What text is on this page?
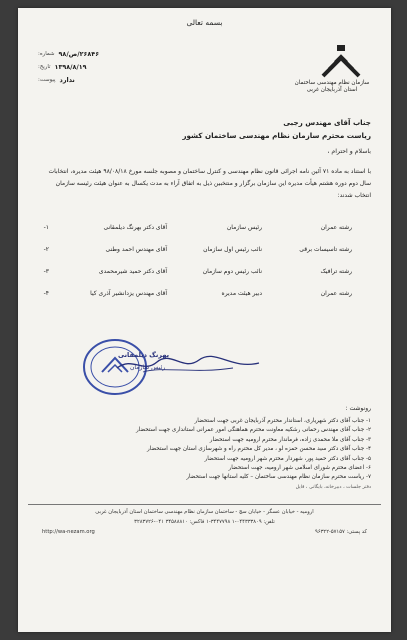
بسمه تعالی
سازمان نظام مهندسی ساختمان
استان آذربایجان غربی
شماره: ۲۶۸۴۶/ص/۹۸
تاریخ: ۱۳۹۸/۸/۱۹
پیوست: ندارد
جناب آقای مهندس رجبی
ریاست محترم سازمان نظام مهندسی ساختمان کشور
باسلام و احترام ،
با استناد به ماده ۷۱ آئین نامه اجرائی قانون نظام مهندسی و کنترل ساختمان و مصوبه جلسه مورخ ۹۸/۰۸/۱۸ هیئت مدیره، انتخابات سال دوم دوره هشتم هیأت مدیره این سازمان برگزار و منتخبین ذیل به اتفاق آراء به مدت یکسال به عنوان هیئت رئیسه سازمان انتخاب شدند:
۱-	آقای دکتر بهرنگ دیلمقانی	رئیس سازمان	رشته عمران
۲-	آقای مهندس احمد وطنی	نائب رئیس اول سازمان	رشته تاسیسات برقی
۳-	آقای دکتر حمید شیرمحمدی	نائب رئیس دوم سازمان	رشته ترافیک
۴-	آقای مهندس یزدانشیر آذری کیا	دبیر هیئت مدیره	رشته عمران
بهرنگ دیلمقانی
رئیس سازمان
رونوشت :
۱- جناب آقای دکتر شهریاری، استاندار محترم آذربایجان غربی جهت استحضار
۲- جناب آقای مهندس رحمانی رشکیه معاونت محترم هماهنگی امور عمرانی استانداری جهت استحضار
۳- جناب آقای ملا محمدی زاده، فرماندار محترم ارومیه جهت استحضار
۴- جناب آقای دکتر سید محسن حمزه لو ، مدیر کل محترم راه و شهرسازی استان جهت استحضار
۵- جناب آقای دکتر حمید پور، شهردار محترم شهر ارومیه جهت استحضار
۶- اعضای محترم شورای اسلامی شهر ارومیه، جهت استحضار
۷- ریاست محترم سازمان نظام مهندسی ساختمان – کلیه استانها جهت استحضار
دفتر جلسات ، دبیرخانه، بایگانی ، فایل
ارومیه - خیابان عسگر - خیابان سچ - ساختمان سازمان نظام مهندسی ساختمان استان آذربایجان غربی
تلفن: ۰۴۴۳۳۳۸۰۹-۱ ۳۴۴۷۷۹۸-۱ فاکس: ۳۴۵۸۸۸۱۰ ۰۴۱-۳۲۸۳۷۲۶
http://wa-nezam.org	کد پستی: ۵۷۱۵۷-۹۶۳۲۲
